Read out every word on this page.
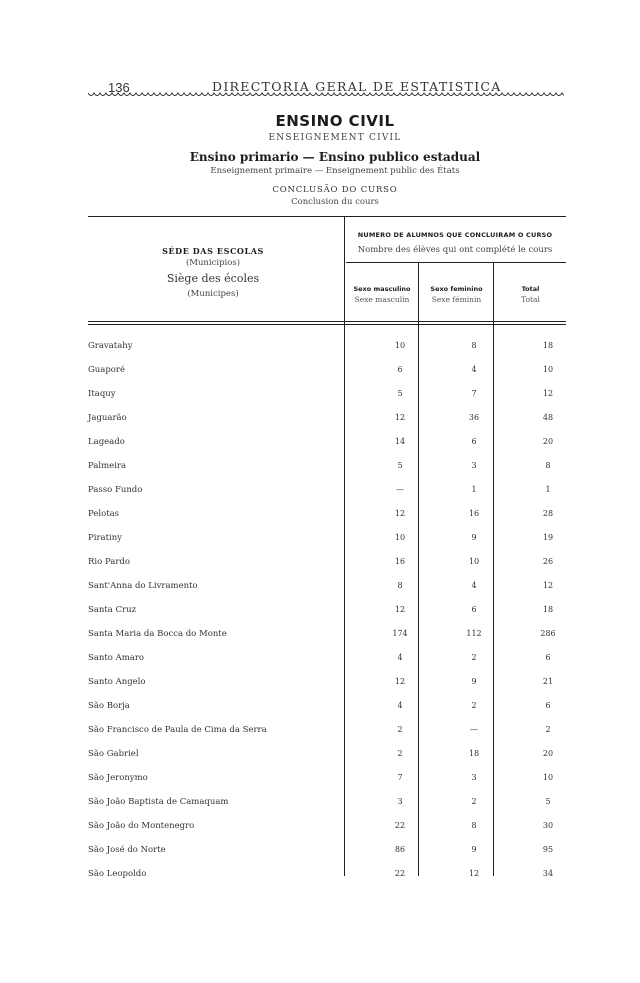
136	DIRECTORIA GERAL DE ESTATISTICA
ENSINO CIVIL
ENSEIGNEMENT CIVIL
Ensino primario — Ensino publico estadual
Enseignement primaire — Enseignement public des États
CONCLUSÃO DO CURSO
Conclusion du cours
SÉDE DAS ESCOLAS
(Municipios)
Siège des écoles
(Municipes)
NUMERO DE ALUMNOS QUE CONCLUIRAM O CURSO
Nombre des élèves qui ont complété le cours
Sexo masculino
Sexe masculin
Sexo feminino
Sexe féminin
Total
Total
Gravatahy	10	8	18
Guaporé	6	4	10
Itaquy	5	7	12
Jaguarão	12	36	48
Lageado	14	6	20
Palmeira	5	3	8
Passo Fundo	—	1	1
Pelotas	12	16	28
Piratiny	10	9	19
Rio Pardo	16	10	26
Sant'Anna do Livramento	8	4	12
Santa Cruz	12	6	18
Santa Maria da Bocca do Monte	174	112	286
Santo Amaro	4	2	6
Santo Angelo	12	9	21
São Borja	4	2	6
São Francisco de Paula de Cima da Serra	2	—	2
São Gabriel	2	18	20
São Jeronymo	7	3	10
São João Baptista de Camaquam	3	2	5
São João do Montenegro	22	8	30
São José do Norte	86	9	95
São Leopoldo	22	12	34
